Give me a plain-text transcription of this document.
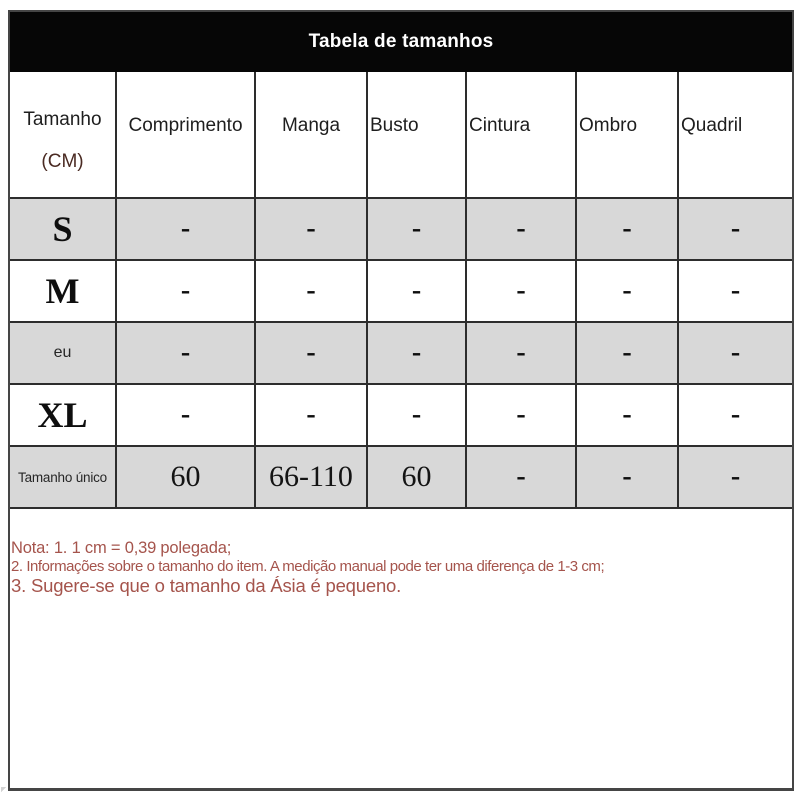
Tabela de tamanhos
Tamanho
(CM)	Comprimento	Manga	Busto	Cintura	Ombro	Quadril
S	-	-	-	-	-	-
M	-	-	-	-	-	-
eu	-	-	-	-	-	-
XL	-	-	-	-	-	-
Tamanho único	60	66-110	60	-	-	-

Nota: 1. 1 cm = 0,39 polegada;

2. Informações sobre o tamanho do item. A medição manual pode ter uma diferença de 1-3 cm;

3. Sugere-se que o tamanho da Ásia é pequeno.
